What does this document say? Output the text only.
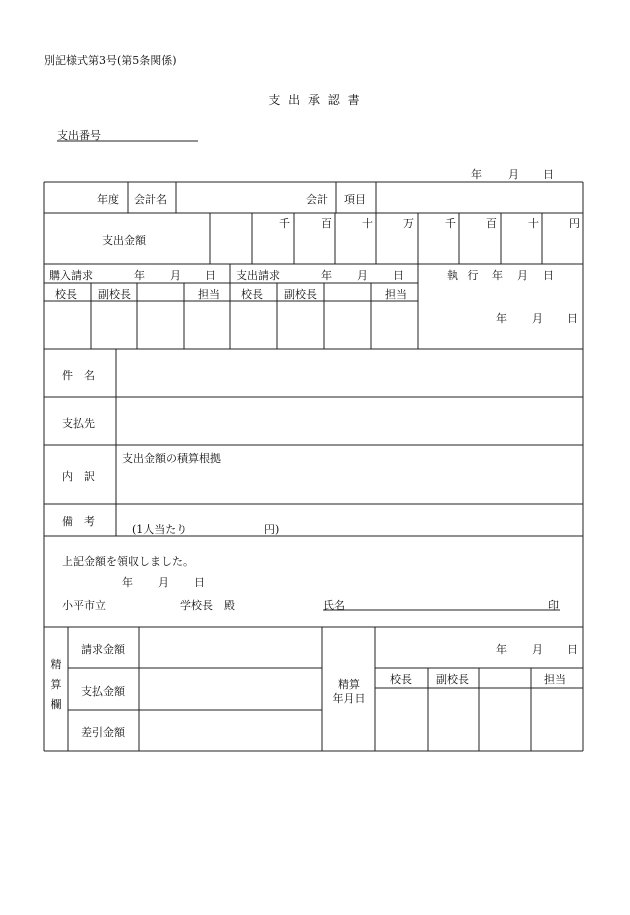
別記様式第3号(第5条関係)
支 出 承 認 書
支出番号
年 月 日
年度 会計名	会計 項目
支出金額
千	百	十	万	千	百	十	円
購入請求	年 月 日 支出請求	年 月 日	執 行 年 月 日
校長 副校長	担当 校長 副校長	担当
年 月 日
件　名
支払先
内　訳
支出金額の積算根拠
備　考
(1人当たり	円)
上記金額を領収しました。
年 月 日
小平市立	学校長　殿	氏名	印
精
算
欄
請求金額
支払金額
差引金額
精算
年月日
年 月 日
校長 副校長	担当
